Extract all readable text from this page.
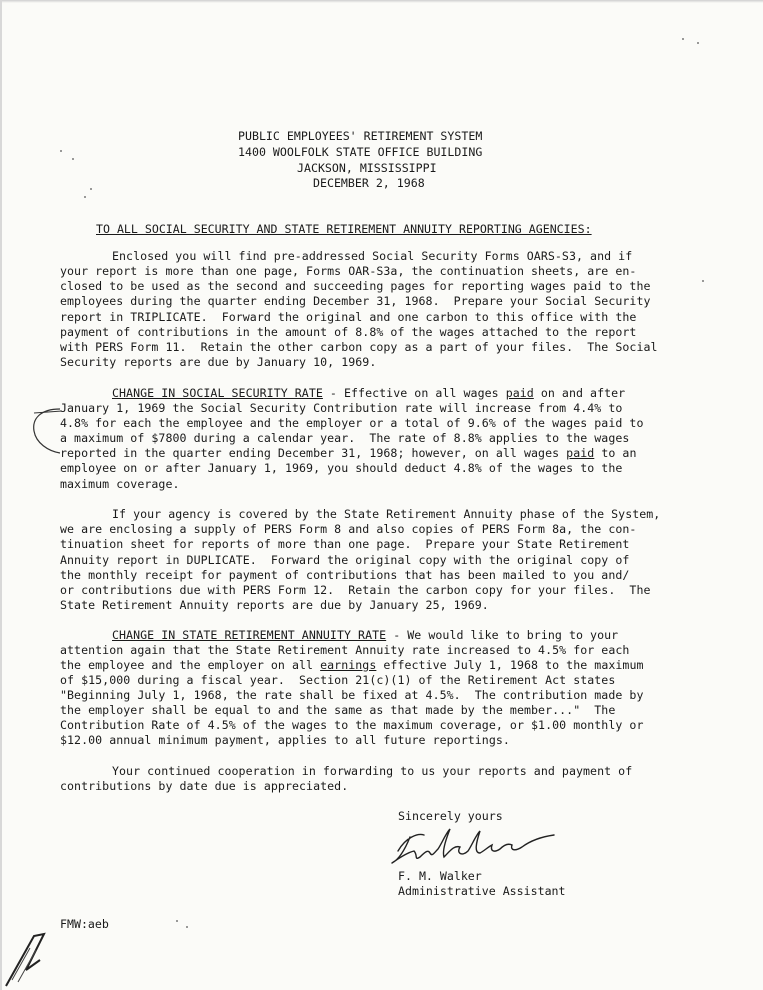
PUBLIC EMPLOYEES' RETIREMENT SYSTEM
1400 WOOLFOLK STATE OFFICE BUILDING
JACKSON, MISSISSIPPI
DECEMBER 2, 1968
TO ALL SOCIAL SECURITY AND STATE RETIREMENT ANNUITY REPORTING AGENCIES:
Enclosed you will find pre-addressed Social Security Forms OARS-S3, and if
your report is more than one page, Forms OAR-S3a, the continuation sheets, are en-
closed to be used as the second and succeeding pages for reporting wages paid to the
employees during the quarter ending December 31, 1968.  Prepare your Social Security
report in TRIPLICATE.  Forward the original and one carbon to this office with the
payment of contributions in the amount of 8.8% of the wages attached to the report
with PERS Form 11.  Retain the other carbon copy as a part of your files.  The Social
Security reports are due by January 10, 1969.
CHANGE IN SOCIAL SECURITY RATE - Effective on all wages paid on and after
January 1, 1969 the Social Security Contribution rate will increase from 4.4% to
4.8% for each the employee and the employer or a total of 9.6% of the wages paid to
a maximum of $7800 during a calendar year.  The rate of 8.8% applies to the wages
reported in the quarter ending December 31, 1968; however, on all wages paid to an
employee on or after January 1, 1969, you should deduct 4.8% of the wages to the
maximum coverage.
If your agency is covered by the State Retirement Annuity phase of the System,
we are enclosing a supply of PERS Form 8 and also copies of PERS Form 8a, the con-
tinuation sheet for reports of more than one page.  Prepare your State Retirement
Annuity report in DUPLICATE.  Forward the original copy with the original copy of
the monthly receipt for payment of contributions that has been mailed to you and/
or contributions due with PERS Form 12.  Retain the carbon copy for your files.  The
State Retirement Annuity reports are due by January 25, 1969.
CHANGE IN STATE RETIREMENT ANNUITY RATE - We would like to bring to your
attention again that the State Retirement Annuity rate increased to 4.5% for each
the employee and the employer on all earnings effective July 1, 1968 to the maximum
of $15,000 during a fiscal year.  Section 21(c)(1) of the Retirement Act states
"Beginning July 1, 1968, the rate shall be fixed at 4.5%.  The contribution made by
the employer shall be equal to and the same as that made by the member..."  The
Contribution Rate of 4.5% of the wages to the maximum coverage, or $1.00 monthly or
$12.00 annual minimum payment, applies to all future reportings.
Your continued cooperation in forwarding to us your reports and payment of
contributions by date due is appreciated.
Sincerely yours
F. M. Walker
Administrative Assistant
FMW:aeb
